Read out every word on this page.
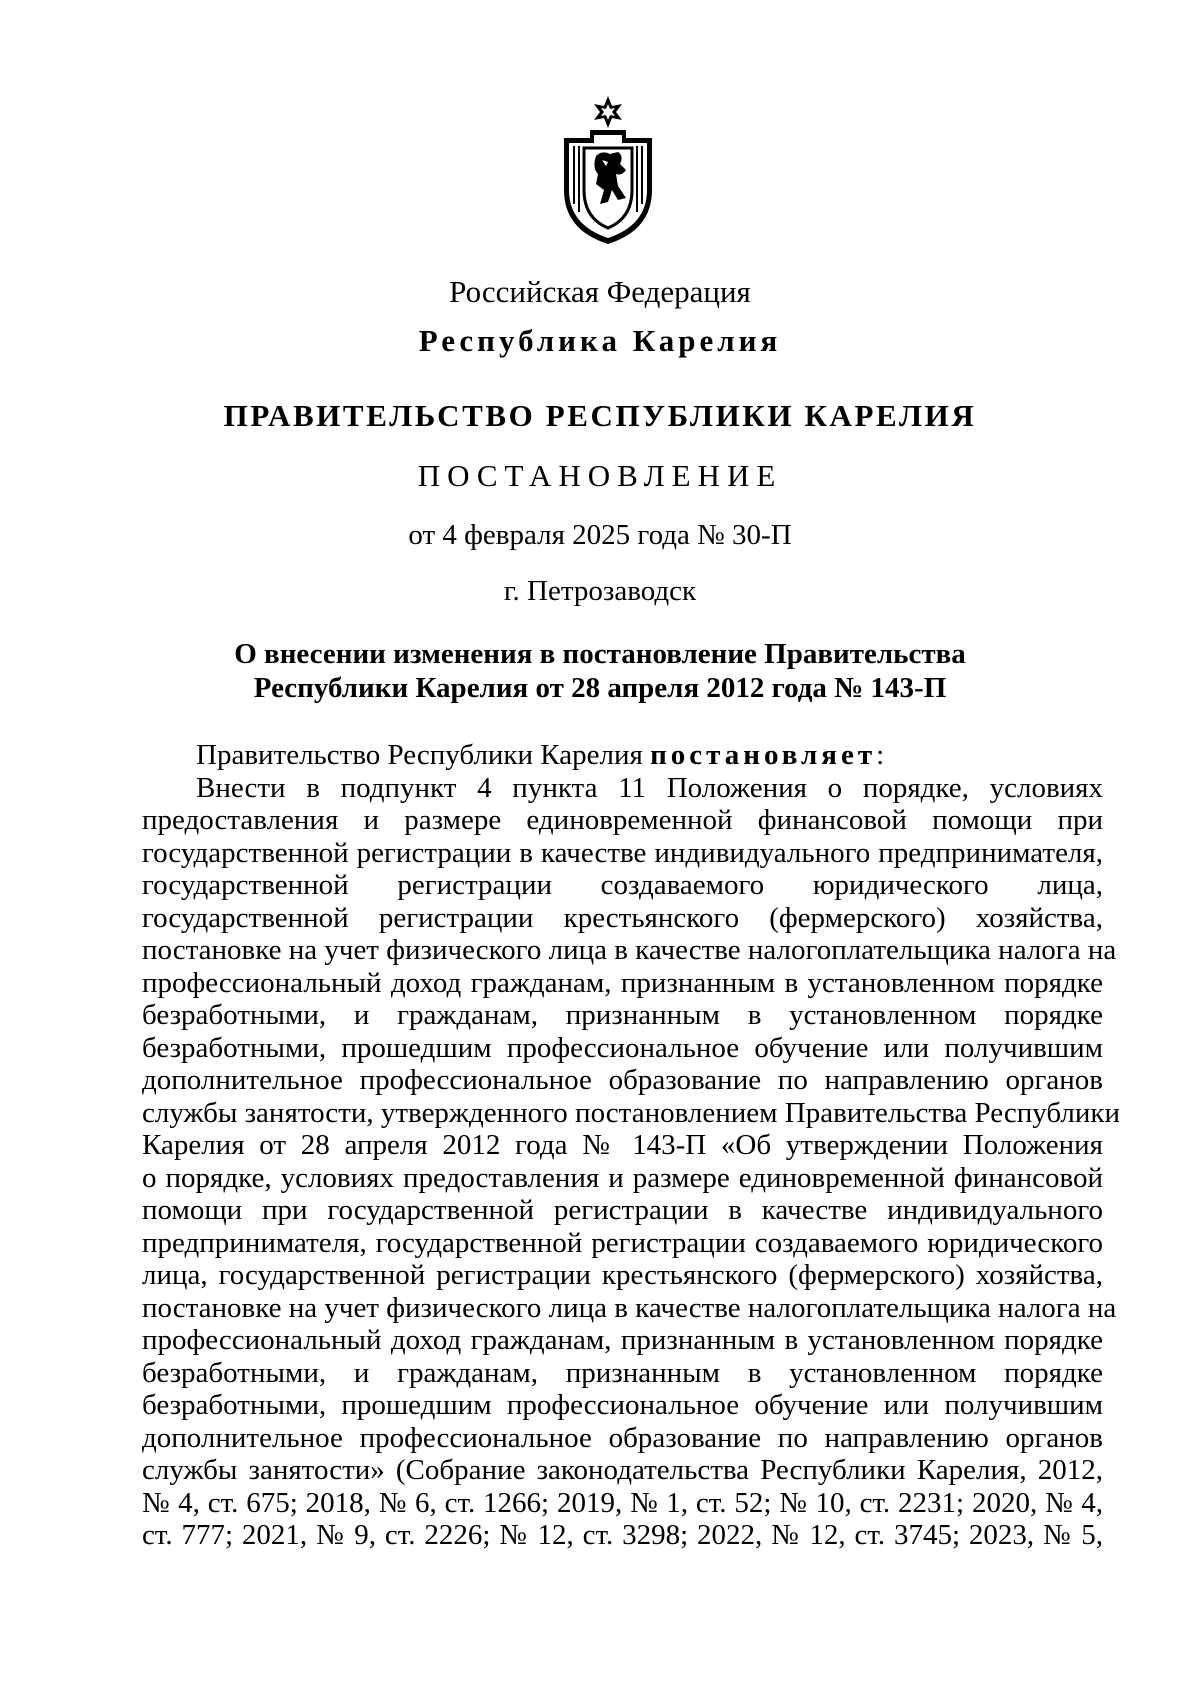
Российская Федерация
Республика Карелия
ПРАВИТЕЛЬСТВО РЕСПУБЛИКИ КАРЕЛИЯ
ПОСТАНОВЛЕНИЕ
от 4 февраля 2025 года № 30-П
г. Петрозаводск
О внесении изменения в постановление Правительства
Республики Карелия от 28 апреля 2012 года № 143-П
Правительство Республики Карелия постановляет:
Внести в подпункт 4 пункта 11 Положения о порядке, условиях
предоставления и размере единовременной финансовой помощи при
государственной регистрации в качестве индивидуального предпринимателя,
государственной регистрации создаваемого юридического лица,
государственной регистрации крестьянского (фермерского) хозяйства,
постановке на учет физического лица в качестве налогоплательщика налога на
профессиональный доход гражданам, признанным в установленном порядке
безработными, и гражданам, признанным в установленном порядке
безработными, прошедшим профессиональное обучение или получившим
дополнительное профессиональное образование по направлению органов
службы занятости, утвержденного постановлением Правительства Республики
Карелия от 28 апреля 2012 года № 143-П «Об утверждении Положения
о порядке, условиях предоставления и размере единовременной финансовой
помощи при государственной регистрации в качестве индивидуального
предпринимателя, государственной регистрации создаваемого юридического
лица, государственной регистрации крестьянского (фермерского) хозяйства,
постановке на учет физического лица в качестве налогоплательщика налога на
профессиональный доход гражданам, признанным в установленном порядке
безработными, и гражданам, признанным в установленном порядке
безработными, прошедшим профессиональное обучение или получившим
дополнительное профессиональное образование по направлению органов
службы занятости» (Собрание законодательства Республики Карелия, 2012,
№ 4, ст. 675; 2018, № 6, ст. 1266; 2019, № 1, ст. 52; № 10, ст. 2231; 2020, № 4,
ст. 777; 2021, № 9, ст. 2226; № 12, ст. 3298; 2022, № 12, ст. 3745; 2023, № 5,
